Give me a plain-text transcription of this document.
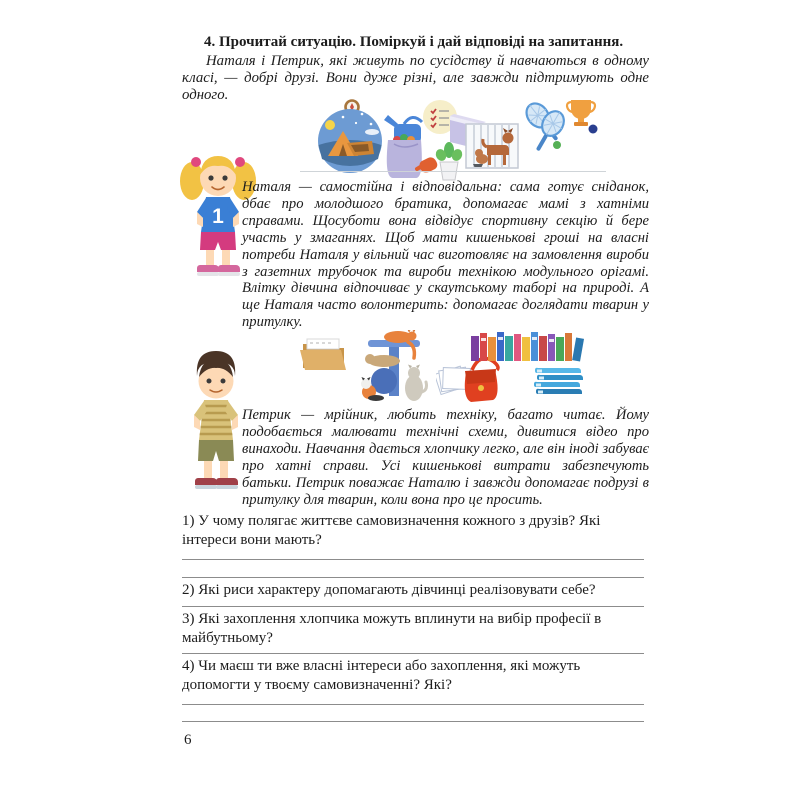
4. Прочитай ситуацію. Поміркуй і дай відповіді на запитання.
Наталя і Петрик, які живуть по сусідству й навчаються в одному класі, — добрі друзі. Вони дуже різні, але завжди підтримують одне одного.
1
Наталя — самостійна і відповідальна: сама готує сніданок, дбає про молодшого братика, допомагає мамі з хатніми справами. Щосуботи вона відвідує спортивну секцію й бере участь у змаганнях. Щоб мати кишенькові гроші на власні потреби Наталя у вільний час виготовляє на замовлення вироби з газетних трубочок та вироби технікою модульного орігамі. Влітку дівчина відпочиває у скаутському таборі на природі. А ще Наталя часто волонтерить: допомагає доглядати тварин у притулку.
Петрик — мрійник, любить техніку, багато читає. Йому подобається малювати технічні схеми, дивитися відео про винаходи. Навчання дається хлопчику легко, але він іноді забуває про хатні справи. Усі кишенькові витрати забезпечують батьки. Петрик поважає Наталю і завжди допомагає подрузі в притулку для тварин, коли вона про це просить.
1) У чому полягає життєве самовизначення кожного з друзів? Які інтереси вони мають?
2) Які риси характеру допомагають дівчинці реалізовувати себе?
3) Які захоплення хлопчика можуть вплинути на вибір професії в майбутньому?
4) Чи маєш ти вже власні інтереси або захоплення, які можуть допомогти у твоєму самовизначенні? Які?
6
